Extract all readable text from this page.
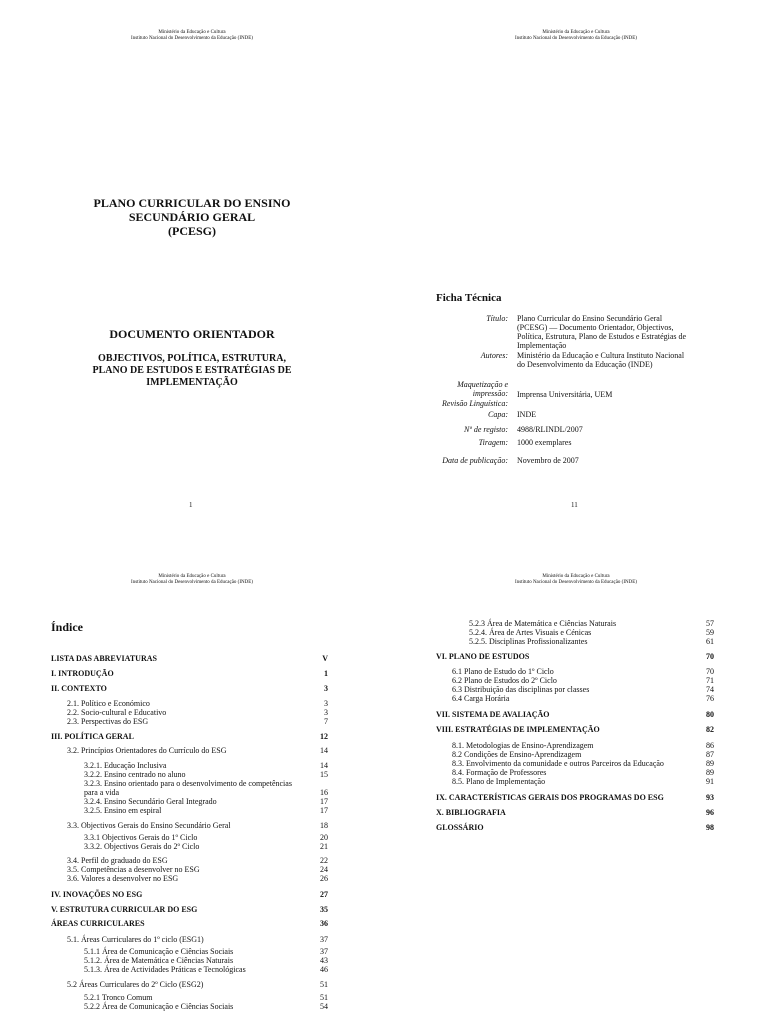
Ministério da Educação e Cultura
Instituto Nacional do Desenvolvimento da Educação (INDE)
PLANO CURRICULAR DO ENSINO
SECUNDÁRIO GERAL
(PCESG)
DOCUMENTO ORIENTADOR
OBJECTIVOS, POLÍTICA, ESTRUTURA,
PLANO DE ESTUDOS E ESTRATÉGIAS DE
IMPLEMENTAÇÃO
1
Ministério da Educação e Cultura
Instituto Nacional do Desenvolvimento da Educação (INDE)
11
Ficha Técnica
Título: Plano Curricular do Ensino Secundário Geral (PCESG) — Documento Orientador, Objectivos, Política, Estrutura, Plano de Estudos e Estratégias de Implementação
Autores: Ministério da Educação e Cultura Instituto Nacional do Desenvolvimento da Educação (INDE)
Maquetização e impressão: Imprensa Universitária, UEM
Revisão Linguística:
Capa: INDE
Nº de registo: 4988/RLINDL/2007
Tiragem: 1000 exemplares
Data de publicação: Novembro de 2007
Ministério da Educação e Cultura
Instituto Nacional do Desenvolvimento da Educação (INDE)
Ministério da Educação e Cultura
Instituto Nacional do Desenvolvimento da Educação (INDE)
Índice
LISTA DAS ABREVIATURAS	V
I. INTRODUÇÃO	1
II. CONTEXTO	3
2.1. Político e Económico	3
2.2. Socio-cultural e Educativo	3
2.3. Perspectivas do ESG	7
III. POLÍTICA GERAL	12
3.2. Princípios Orientadores do Currículo do ESG	14
3.2.1. Educação Inclusiva	14
3.2.2. Ensino centrado no aluno	15
3.2.3. Ensino orientado para o desenvolvimento de competências
para a vida	16
3.2.4. Ensino Secundário Geral Integrado	17
3.2.5. Ensino em espiral	17
3.3. Objectivos Gerais do Ensino Secundário Geral	18
3.3.1 Objectivos Gerais do 1º Ciclo	20
3.3.2. Objectivos Gerais do 2º Ciclo	21
3.4. Perfil do graduado do ESG	22
3.5. Competências a desenvolver no ESG	24
3.6. Valores a desenvolver no ESG	26
IV. INOVAÇÕES NO ESG	27
V. ESTRUTURA CURRICULAR DO ESG	35
ÁREAS CURRICULARES	36
5.1. Áreas Curriculares do 1º ciclo (ESG1)	37
5.1.1 Área de Comunicação e Ciências Sociais	37
5.1.2. Área de Matemática e Ciências Naturais	43
5.1.3. Área de Actividades Práticas e Tecnológicas	46
5.2 Áreas Curriculares do 2º Ciclo (ESG2)	51
5.2.1 Tronco Comum	51
5.2.2 Área de Comunicação e Ciências Sociais	54
5.2.3 Área de Matemática e Ciências Naturais	57
5.2.4. Área de Artes Visuais e Cénicas	59
5.2.5. Disciplinas Profissionalizantes	61
VI. PLANO DE ESTUDOS	70
6.1 Plano de Estudo do 1º Ciclo	70
6.2 Plano de Estudos do 2º Ciclo	71
6.3 Distribuição das disciplinas por classes	74
6.4 Carga Horária	76
VII. SISTEMA DE AVALIAÇÃO	80
VIII. ESTRATÉGIAS DE IMPLEMENTAÇÃO	82
8.1. Metodologias de Ensino-Aprendizagem	86
8.2 Condições de Ensino-Aprendizagem	87
8.3. Envolvimento da comunidade e outros Parceiros da Educação	89
8.4. Formação de Professores	89
8.5. Plano de Implementação	91
IX. CARACTERÍSTICAS GERAIS DOS PROGRAMAS DO ESG	93
X. BIBLIOGRAFIA	96
GLOSSÁRIO	98
